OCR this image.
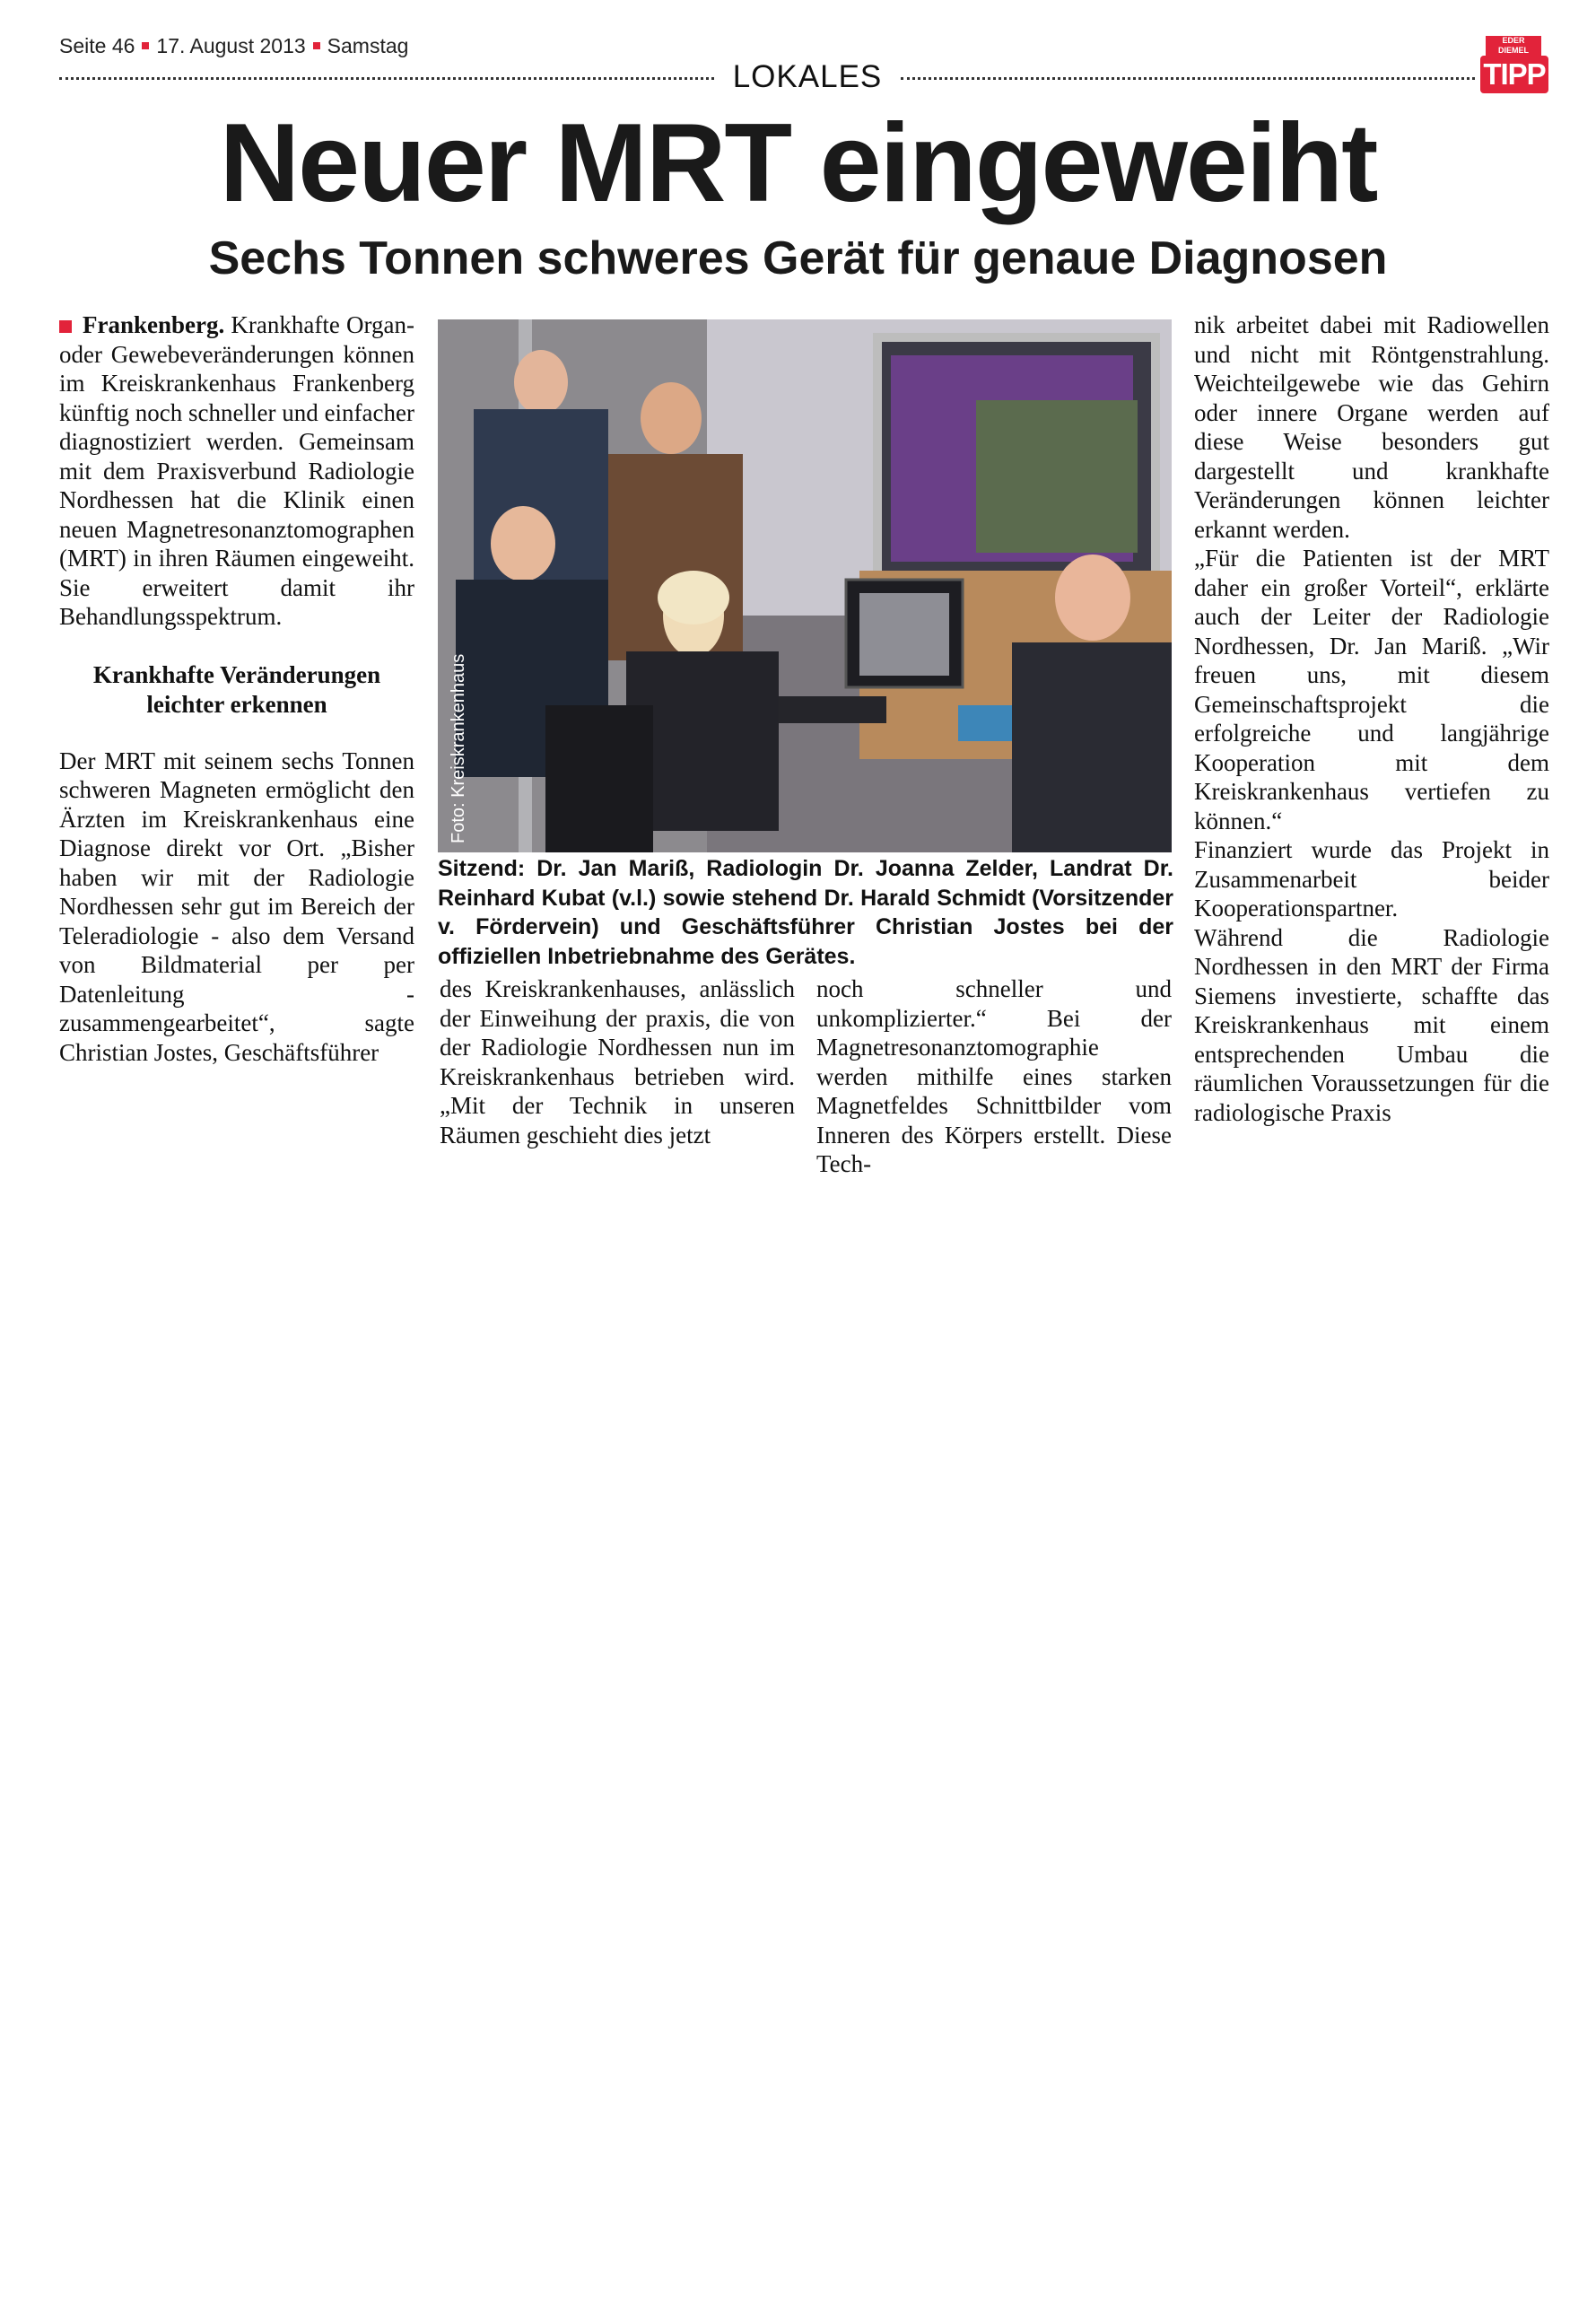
Seite 46 17. August 2013 Samstag
LOKALES
EDER
DIEMEL
TIPP
Neuer MRT eingeweiht
Sechs Tonnen schweres Gerät für genaue Diagnosen

Frankenberg. Krankhafte Organ- oder Gewebeveränderungen können im Kreiskrankenhaus Frankenberg künftig noch schneller und einfacher diagnostiziert werden. Gemeinsam mit dem Praxisverbund Radiologie Nordhessen hat die Klinik einen neuen Magnetresonanztomographen (MRT) in ihren Räumen eingeweiht. Sie erweitert damit ihr Behandlungsspektrum.

Krankhafte Veränderungen leichter erkennen

Der MRT mit seinem sechs Tonnen schweren Magneten ermöglicht den Ärzten im Kreiskrankenhaus eine Diagnose direkt vor Ort. „Bisher haben wir mit der Radiologie Nordhessen sehr gut im Bereich der Teleradiologie - also dem Versand von Bildmaterial per per Datenleitung - zusammengearbeitet“, sagte Christian Jostes, Geschäftsführer

Foto: Kreiskrankenhaus
Sitzend: Dr. Jan Mariß, Radiologin Dr. Joanna Zelder, Landrat Dr. Reinhard Kubat (v.l.) sowie stehend Dr. Harald Schmidt (Vorsitzender v. Fördervein) und Geschäftsführer Christian Jostes bei der offiziellen Inbetriebnahme des Gerätes.

des Kreiskrankenhauses, anlässlich der Einweihung der praxis, die von der Radiologie Nordhessen nun im Kreiskrankenhaus betrieben wird. „Mit der Technik in unseren Räumen geschieht dies jetzt

noch schneller und unkomplizierter.“ Bei der Magnetresonanztomographie werden mithilfe eines starken Magnetfeldes Schnittbilder vom Inneren des Körpers erstellt. Diese Tech-

nik arbeitet dabei mit Radiowellen und nicht mit Röntgenstrahlung. Weichteilgewebe wie das Gehirn oder innere Organe werden auf diese Weise besonders gut dargestellt und krankhafte Veränderungen können leichter erkannt werden.

„Für die Patienten ist der MRT daher ein großer Vorteil“, erklärte auch der Leiter der Radiologie Nordhessen, Dr. Jan Mariß. „Wir freuen uns, mit diesem Gemeinschaftsprojekt die erfolgreiche und langjährige Kooperation mit dem Kreiskrankenhaus vertiefen zu können.“

Finanziert wurde das Projekt in Zusammenarbeit beider Kooperationspartner.

Während die Radiologie Nordhessen in den MRT der Firma Siemens investierte, schaffte das Kreiskrankenhaus mit einem entsprechenden Umbau die räumlichen Voraussetzungen für die radiologische Praxis
